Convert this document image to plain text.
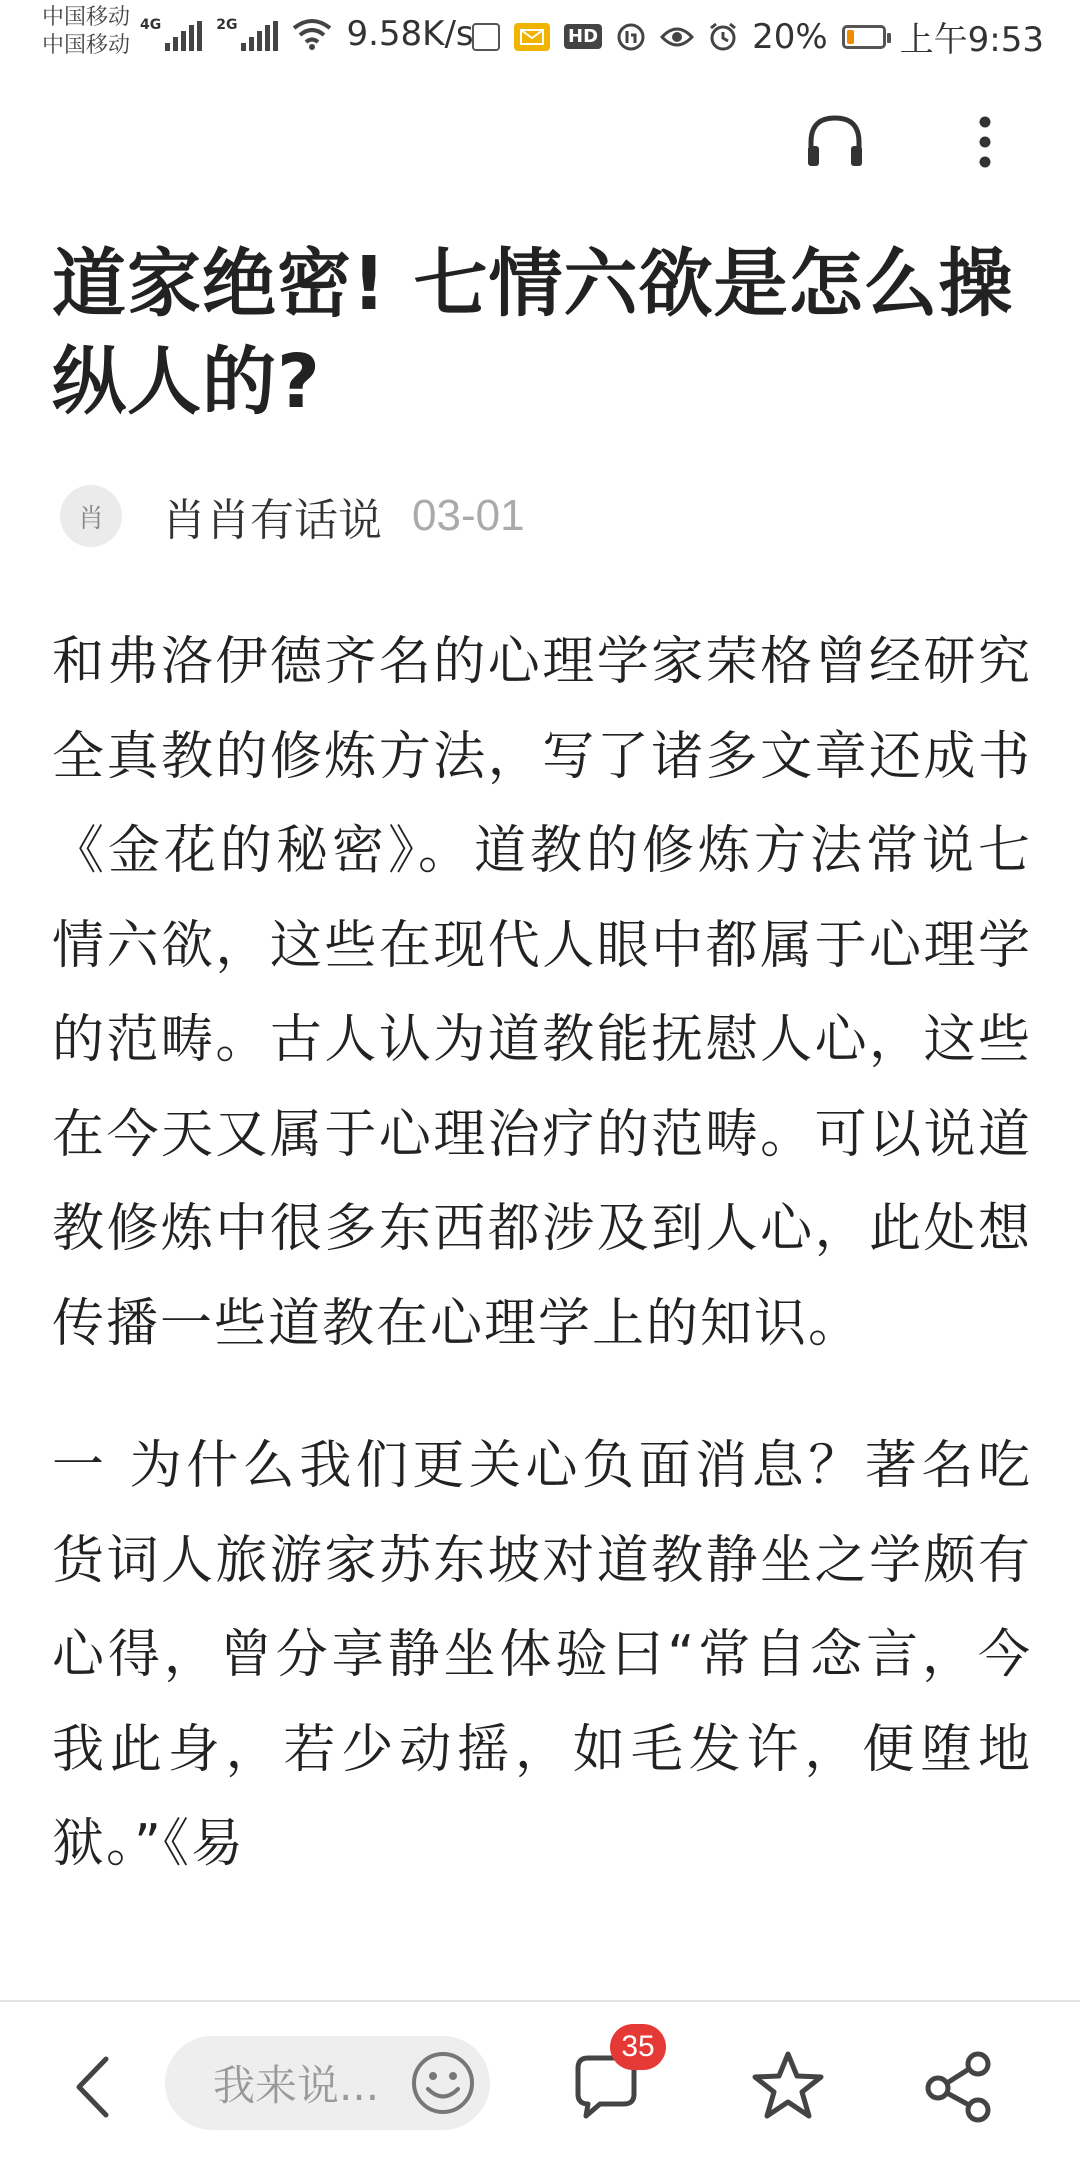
中国移动
中国移动
4G	2G	9.58K/s	HD	20% 上午9:53
道家绝密! 七情六欲是怎么操纵人的?
肖	肖肖有话说 03-01

和弗洛伊德齐名的心理学家荣格曾经研究全真教的修炼方法，写了诸多文章还成书《金花的秘密》。道教的修炼方法常说七情六欲，这些在现代人眼中都属于心理学的范畴。古人认为道教能抚慰人心，这些在今天又属于心理治疗的范畴。可以说道教修炼中很多东西都涉及到人心，此处想传播一些道教在心理学上的知识。

一 为什么我们更关心负面消息？著名吃货词人旅游家苏东坡对道教静坐之学颇有心得，曾分享静坐体验曰“常自念言，今我此身，若少动摇，如毛发许，便堕地狱。”《易

我来说...
35
